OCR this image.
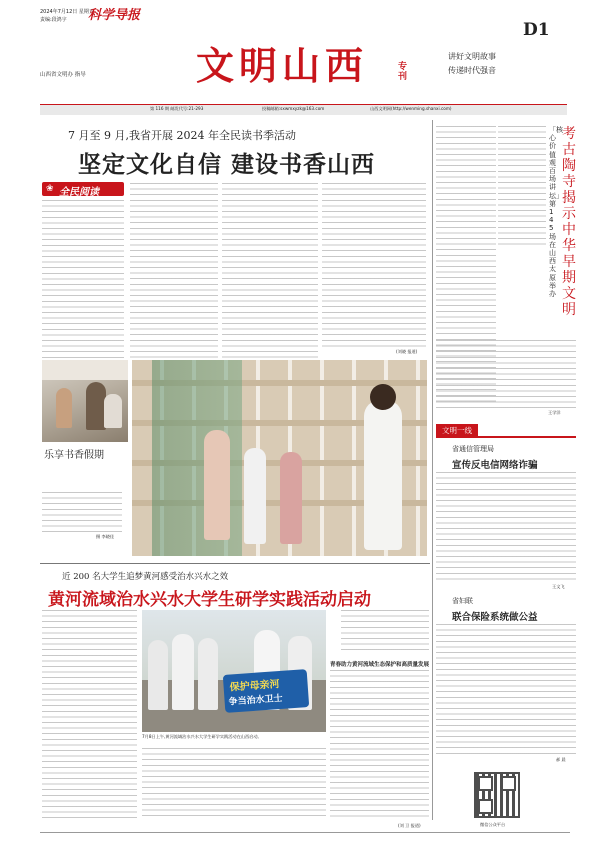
2024年7月12日 星期五
责编:段鸿宇 科学导报
山西省文明办 指导	文明山西	专刊
讲好文明故事
传递时代强音
D1
第 116 期 邮发代号:21-293	投稿邮箱:sxwmxyzk@163.com	山西文明网(http://wenming.shanxi.com)
7 月至 9 月,我省开展 2024 年全民读书季活动
坚定文化自信 建设书香山西
❀ 全民阅读
(刘晓 报道)
乐享书香假期
摄 李晓佳
「核心价值观百场讲坛」第145场在山西太原举办
考古陶寺揭示中华早期文明
王学洋
文明一线
省通信管理局
宣传反电信网络诈骗
王文飞
省妇联
联合保险系统做公益
郝 晨
微信公众平台
近 200 名大学生追梦黄河感受治水兴水之效
黄河流域治水兴水大学生研学实践活动启动
青春助力黄河流域生态保护和高质量发展
(刘 卫 报道)
保护母亲河
争当治水卫士
7月8日上午,黄河流域治水兴水大学生研学实践活动在山西启动。
